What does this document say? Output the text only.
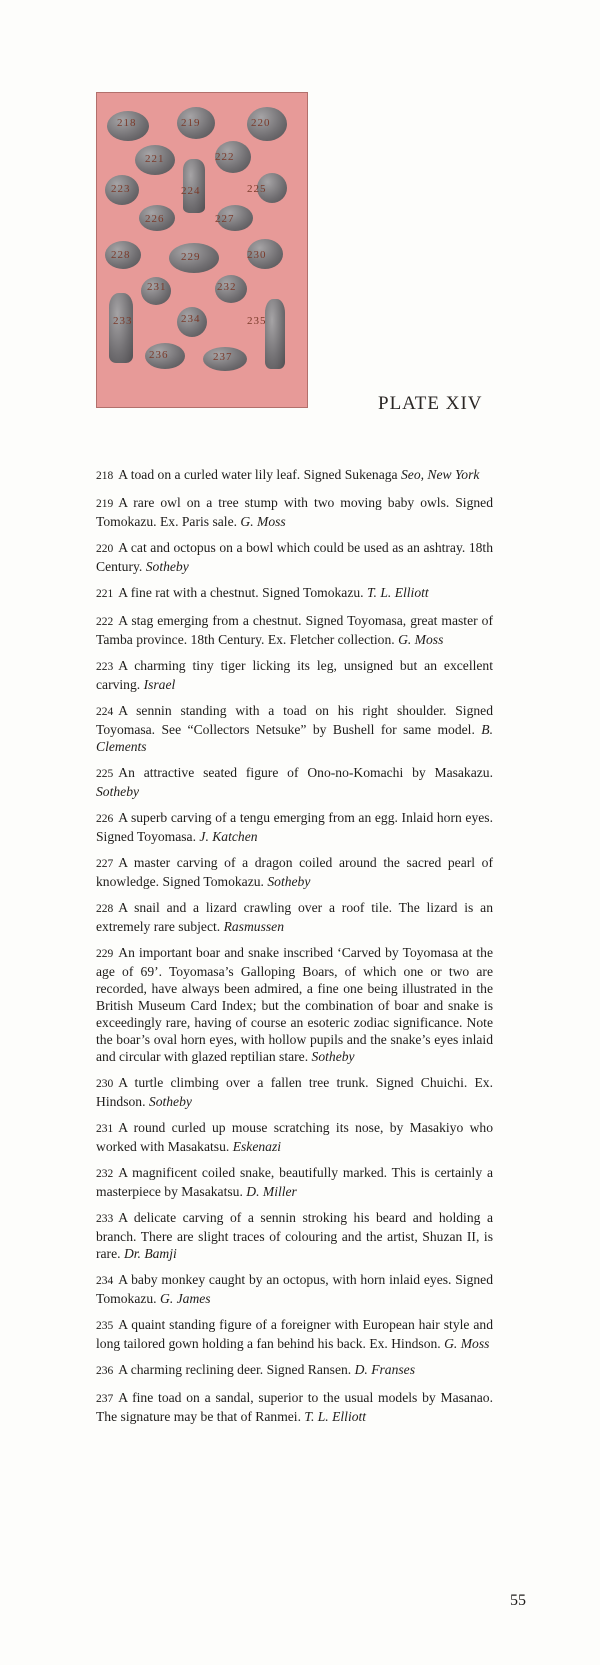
218	219	220
221	222
223	224	225
226	227
228	229	230
231	232
233	234	235
236	237
PLATE XIV
218 A toad on a curled water lily leaf. Signed Sukenaga Seo, New York
219 A rare owl on a tree stump with two moving baby owls. Signed Tomokazu. Ex. Paris sale. G. Moss
220 A cat and octopus on a bowl which could be used as an ashtray. 18th Century. Sotheby
221 A fine rat with a chestnut. Signed Tomokazu. T. L. Elliott
222 A stag emerging from a chestnut. Signed Toyomasa, great master of Tamba province. 18th Century. Ex. Fletcher collection. G. Moss
223 A charming tiny tiger licking its leg, unsigned but an excellent carving. Israel
224 A sennin standing with a toad on his right shoulder. Signed Toyomasa. See “Collectors Netsuke” by Bushell for same model. B. Clements
225 An attractive seated figure of Ono-no-Komachi by Masakazu. Sotheby
226 A superb carving of a tengu emerging from an egg. Inlaid horn eyes. Signed Toyomasa. J. Katchen
227 A master carving of a dragon coiled around the sacred pearl of knowledge. Signed Tomokazu. Sotheby
228 A snail and a lizard crawling over a roof tile. The lizard is an extremely rare subject. Rasmussen
229 An important boar and snake inscribed ‘Carved by Toyomasa at the age of 69’. Toyomasa’s Galloping Boars, of which one or two are recorded, have always been admired, a fine one being illustrated in the British Museum Card Index; but the combination of boar and snake is exceedingly rare, having of course an esoteric zodiac significance. Note the boar’s oval horn eyes, with hollow pupils and the snake’s eyes inlaid and circular with glazed reptilian stare. Sotheby
230 A turtle climbing over a fallen tree trunk. Signed Chuichi. Ex. Hindson. Sotheby
231 A round curled up mouse scratching its nose, by Masakiyo who worked with Masakatsu. Eskenazi
232 A magnificent coiled snake, beautifully marked. This is certainly a masterpiece by Masakatsu. D. Miller
233 A delicate carving of a sennin stroking his beard and holding a branch. There are slight traces of colouring and the artist, Shuzan II, is rare. Dr. Bamji
234 A baby monkey caught by an octopus, with horn inlaid eyes. Signed Tomokazu. G. James
235 A quaint standing figure of a foreigner with European hair style and long tailored gown holding a fan behind his back. Ex. Hindson. G. Moss
236 A charming reclining deer. Signed Ransen. D. Franses
237 A fine toad on a sandal, superior to the usual models by Masanao. The signature may be that of Ranmei. T. L. Elliott
55
